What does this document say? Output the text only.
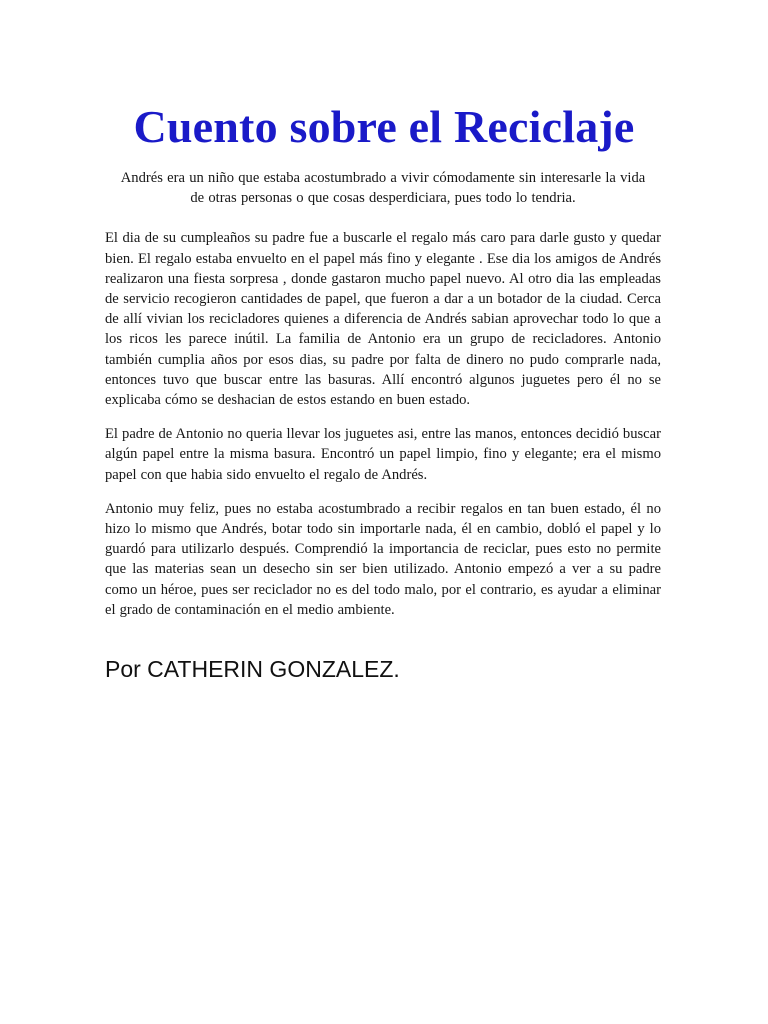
Cuento sobre el Reciclaje

Andrés era un niño que estaba acostumbrado a vivir cómodamente sin interesarle la vida de otras personas o que cosas desperdiciara, pues todo lo tendria.

El dia de su cumpleaños su padre fue a buscarle el regalo más caro para darle gusto y quedar bien. El regalo estaba envuelto en el papel más fino y elegante . Ese dia los amigos de Andrés realizaron una fiesta sorpresa , donde gastaron mucho papel nuevo. Al otro dia las empleadas de servicio recogieron cantidades de papel, que fueron a dar a un botador de la ciudad. Cerca de allí vivian los recicladores quienes a diferencia de Andrés sabian aprovechar todo lo que a los ricos les parece inútil. La familia de Antonio era un grupo de recicladores. Antonio también cumplia años por esos dias, su padre por falta de dinero no pudo comprarle nada, entonces tuvo que buscar entre las basuras. Allí encontró algunos juguetes pero él no se explicaba cómo se deshacian de estos estando en buen estado.

El padre de Antonio no queria llevar los juguetes asi, entre las manos, entonces decidió buscar algún papel entre la misma basura. Encontró un papel limpio, fino y elegante; era el mismo papel con que habia sido envuelto el regalo de Andrés.

Antonio muy feliz, pues no estaba acostumbrado a recibir regalos en tan buen estado, él no hizo lo mismo que Andrés, botar todo sin importarle nada, él en cambio, dobló el papel y lo guardó para utilizarlo después. Comprendió la importancia de reciclar, pues esto no permite que las materias sean un desecho sin ser bien utilizado. Antonio empezó a ver a su padre como un héroe, pues ser reciclador no es del todo malo, por el contrario, es ayudar a eliminar el grado de contaminación en el medio ambiente.

Por CATHERIN GONZALEZ.
